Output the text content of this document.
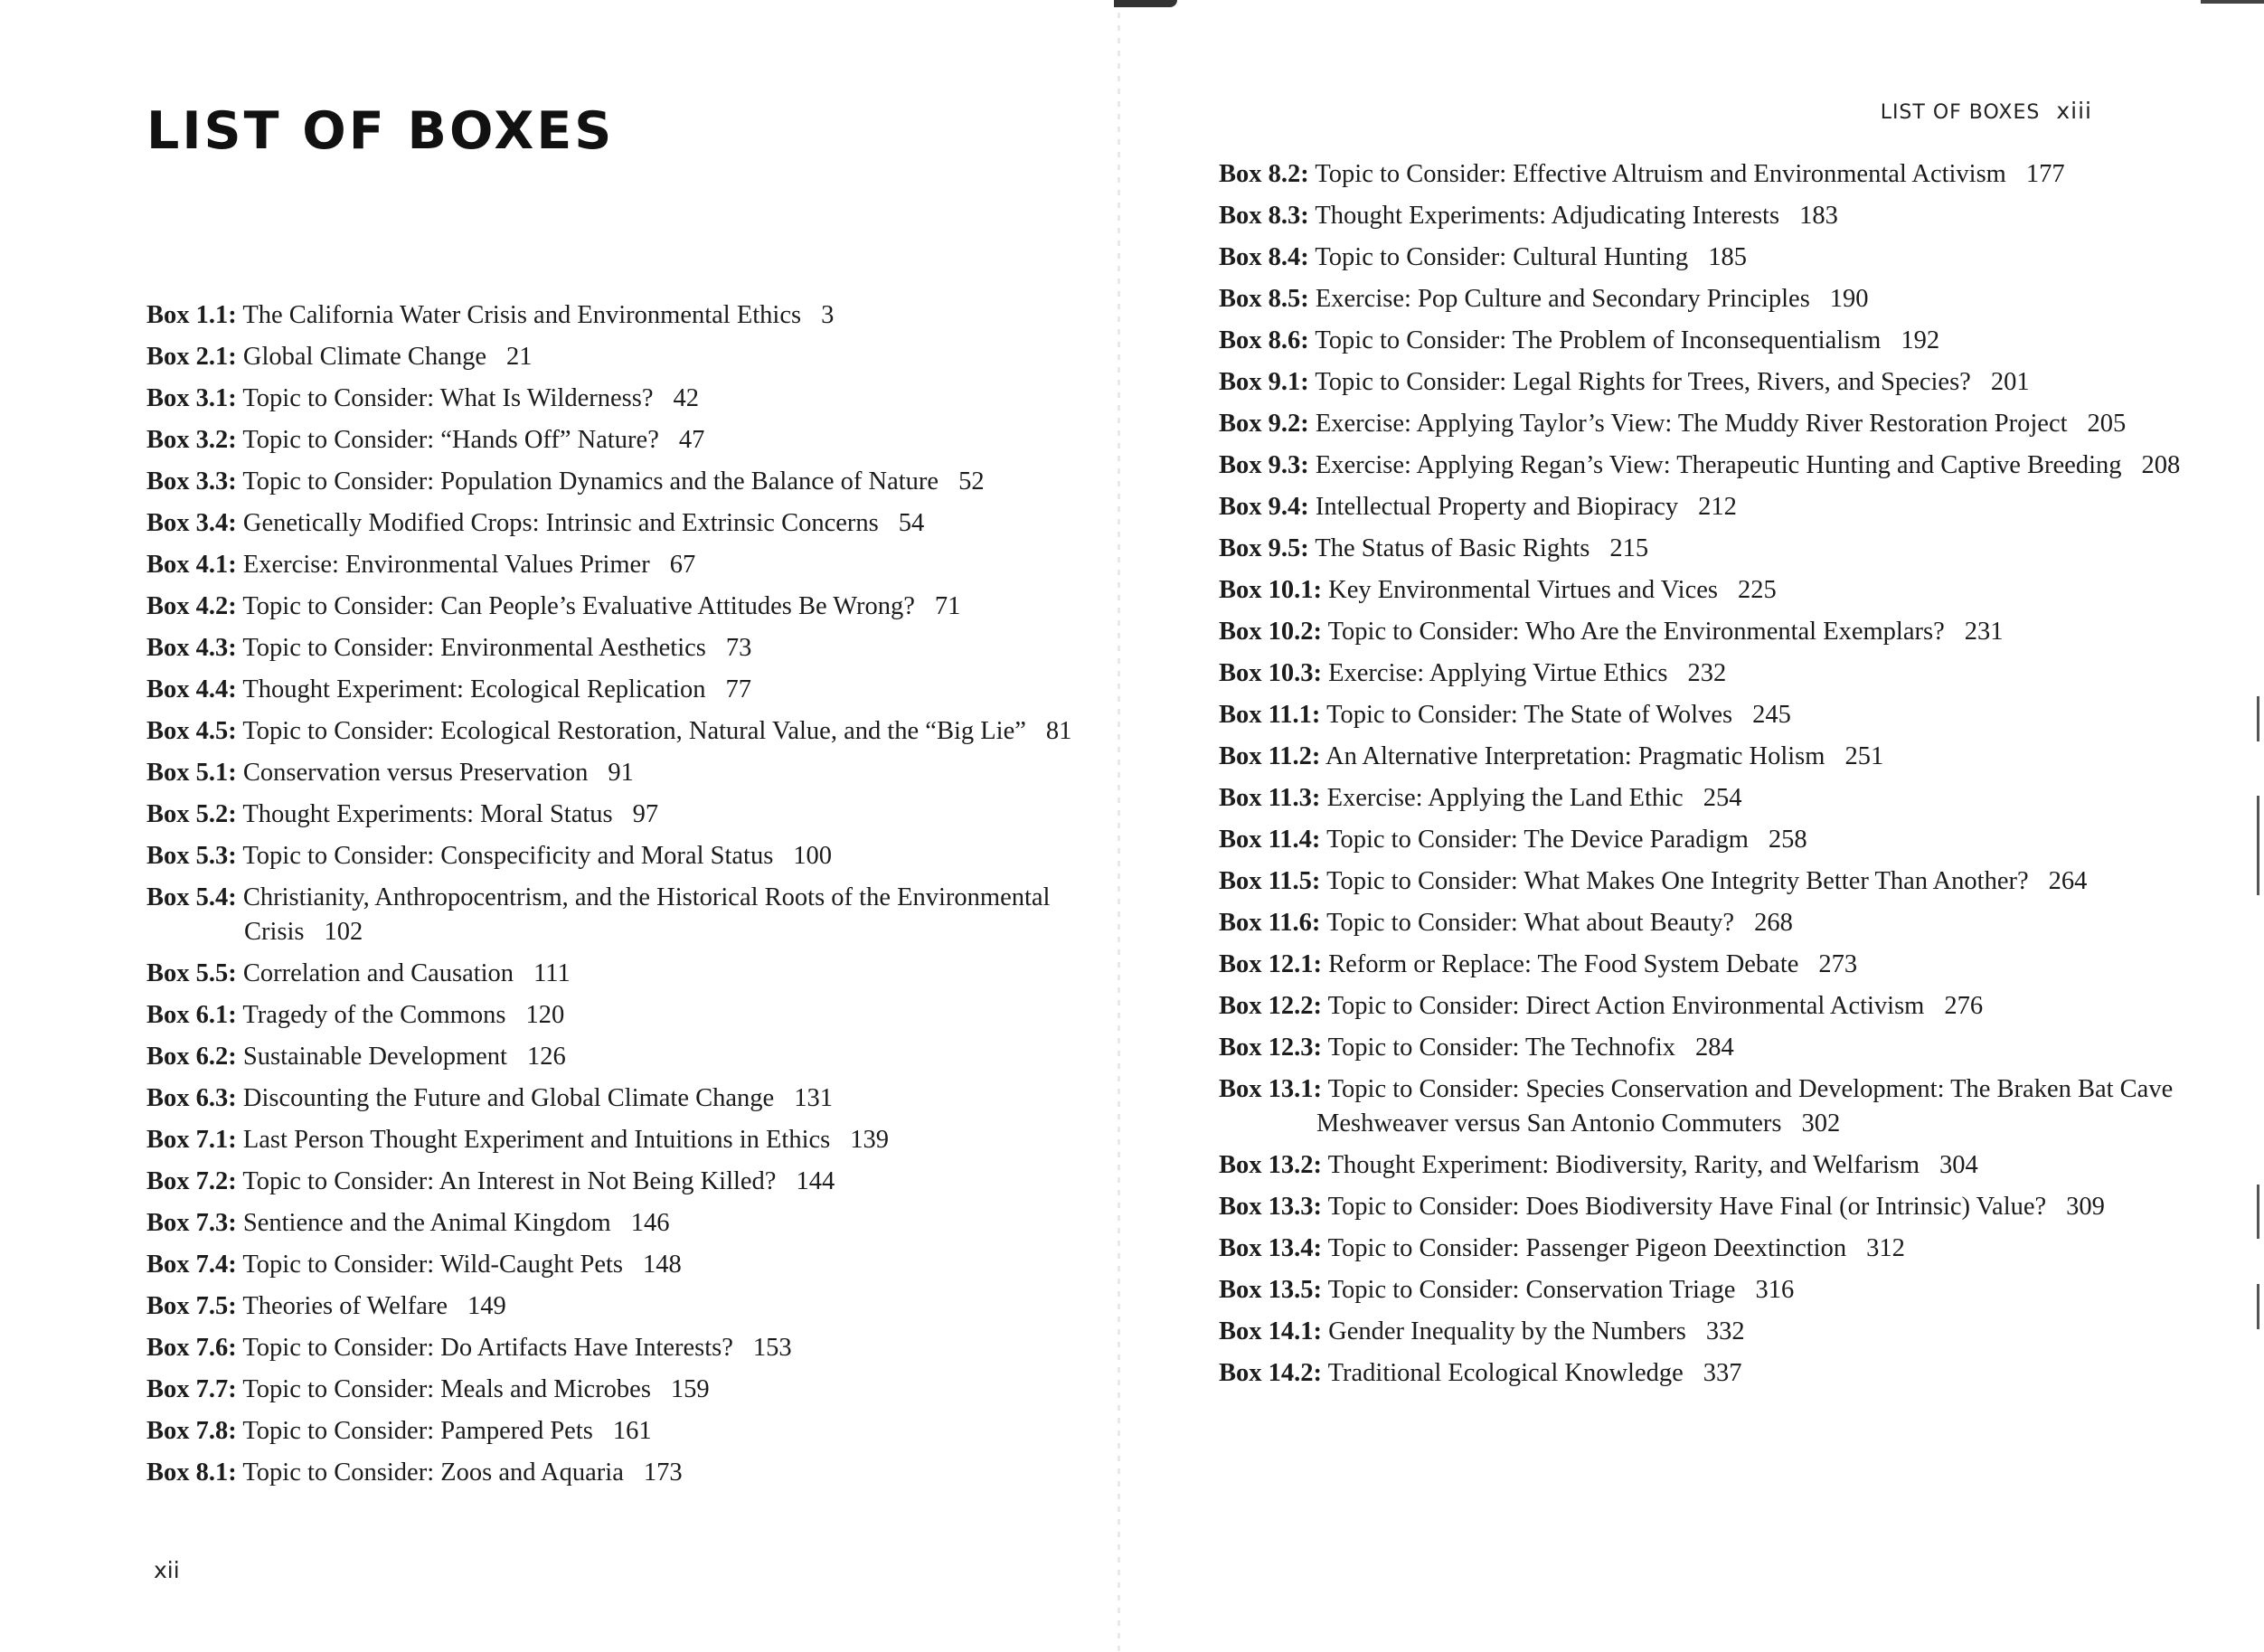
LIST OF BOXES
Box 1.1: The California Water Crisis and Environmental Ethics 3
Box 2.1: Global Climate Change 21
Box 3.1: Topic to Consider: What Is Wilderness? 42
Box 3.2: Topic to Consider: “Hands Off” Nature? 47
Box 3.3: Topic to Consider: Population Dynamics and the Balance of Nature 52
Box 3.4: Genetically Modified Crops: Intrinsic and Extrinsic Concerns 54
Box 4.1: Exercise: Environmental Values Primer 67
Box 4.2: Topic to Consider: Can People’s Evaluative Attitudes Be Wrong? 71
Box 4.3: Topic to Consider: Environmental Aesthetics 73
Box 4.4: Thought Experiment: Ecological Replication 77
Box 4.5: Topic to Consider: Ecological Restoration, Natural Value, and the “Big Lie” 81
Box 5.1: Conservation versus Preservation 91
Box 5.2: Thought Experiments: Moral Status 97
Box 5.3: Topic to Consider: Conspecificity and Moral Status 100
Box 5.4: Christianity, Anthropocentrism, and the Historical Roots of the Environmental Crisis 102
Box 5.5: Correlation and Causation 111
Box 6.1: Tragedy of the Commons 120
Box 6.2: Sustainable Development 126
Box 6.3: Discounting the Future and Global Climate Change 131
Box 7.1: Last Person Thought Experiment and Intuitions in Ethics 139
Box 7.2: Topic to Consider: An Interest in Not Being Killed? 144
Box 7.3: Sentience and the Animal Kingdom 146
Box 7.4: Topic to Consider: Wild-Caught Pets 148
Box 7.5: Theories of Welfare 149
Box 7.6: Topic to Consider: Do Artifacts Have Interests? 153
Box 7.7: Topic to Consider: Meals and Microbes 159
Box 7.8: Topic to Consider: Pampered Pets 161
Box 8.1: Topic to Consider: Zoos and Aquaria 173
xii
LIST OF BOXES xiii
Box 8.2: Topic to Consider: Effective Altruism and Environmental Activism 177
Box 8.3: Thought Experiments: Adjudicating Interests 183
Box 8.4: Topic to Consider: Cultural Hunting 185
Box 8.5: Exercise: Pop Culture and Secondary Principles 190
Box 8.6: Topic to Consider: The Problem of Inconsequentialism 192
Box 9.1: Topic to Consider: Legal Rights for Trees, Rivers, and Species? 201
Box 9.2: Exercise: Applying Taylor’s View: The Muddy River Restoration Project 205
Box 9.3: Exercise: Applying Regan’s View: Therapeutic Hunting and Captive Breeding 208
Box 9.4: Intellectual Property and Biopiracy 212
Box 9.5: The Status of Basic Rights 215
Box 10.1: Key Environmental Virtues and Vices 225
Box 10.2: Topic to Consider: Who Are the Environmental Exemplars? 231
Box 10.3: Exercise: Applying Virtue Ethics 232
Box 11.1: Topic to Consider: The State of Wolves 245
Box 11.2: An Alternative Interpretation: Pragmatic Holism 251
Box 11.3: Exercise: Applying the Land Ethic 254
Box 11.4: Topic to Consider: The Device Paradigm 258
Box 11.5: Topic to Consider: What Makes One Integrity Better Than Another? 264
Box 11.6: Topic to Consider: What about Beauty? 268
Box 12.1: Reform or Replace: The Food System Debate 273
Box 12.2: Topic to Consider: Direct Action Environmental Activism 276
Box 12.3: Topic to Consider: The Technofix 284
Box 13.1: Topic to Consider: Species Conservation and Development: The Braken Bat Cave Meshweaver versus San Antonio Commuters 302
Box 13.2: Thought Experiment: Biodiversity, Rarity, and Welfarism 304
Box 13.3: Topic to Consider: Does Biodiversity Have Final (or Intrinsic) Value? 309
Box 13.4: Topic to Consider: Passenger Pigeon Deextinction 312
Box 13.5: Topic to Consider: Conservation Triage 316
Box 14.1: Gender Inequality by the Numbers 332
Box 14.2: Traditional Ecological Knowledge 337
